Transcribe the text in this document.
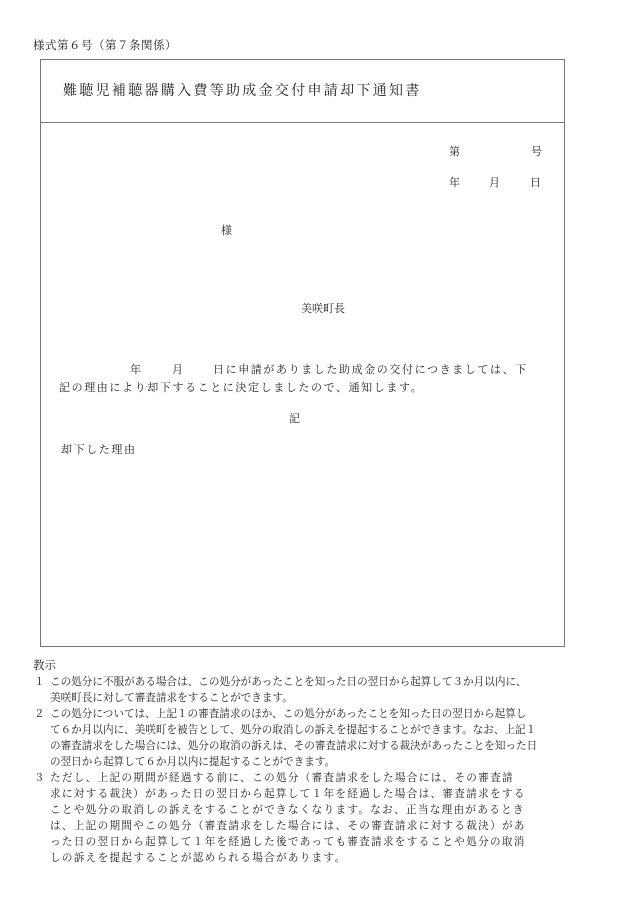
様式第６号（第７条関係）
難聴児補聴器購入費等助成金交付申請却下通知書
第	号
年	月	日
様
美咲町長
年	月	日に申請がありました助成金の交付につきましては、下
記の理由により却下することに決定しましたので、通知します。
記
却下した理由
教示
１ この処分に不服がある場合は、この処分があったことを知った日の翌日から起算して３か月以内に、
美咲町長に対して審査請求をすることができます。
２ この処分については、上記１の審査請求のほか、この処分があったことを知った日の翌日から起算し
て６か月以内に、美咲町を被告として、処分の取消しの訴えを提起することができます。なお、上記１
の審査請求をした場合には、処分の取消の訴えは、その審査請求に対する裁決があったことを知った日
の翌日から起算して６か月以内に提起することができます。
３ ただし、上記の期間が経過する前に、この処分（審査請求をした場合には、その審査請
求に対する裁決）があった日の翌日から起算して１年を経過した場合は、審査請求をする
ことや処分の取消しの訴えをすることができなくなります。なお、正当な理由があるとき
は、上記の期間やこの処分（審査請求をした場合には、その審査請求に対する裁決）があ
った日の翌日から起算して１年を経過した後であっても審査請求をすることや処分の取消
しの訴えを提起することが認められる場合があります。
